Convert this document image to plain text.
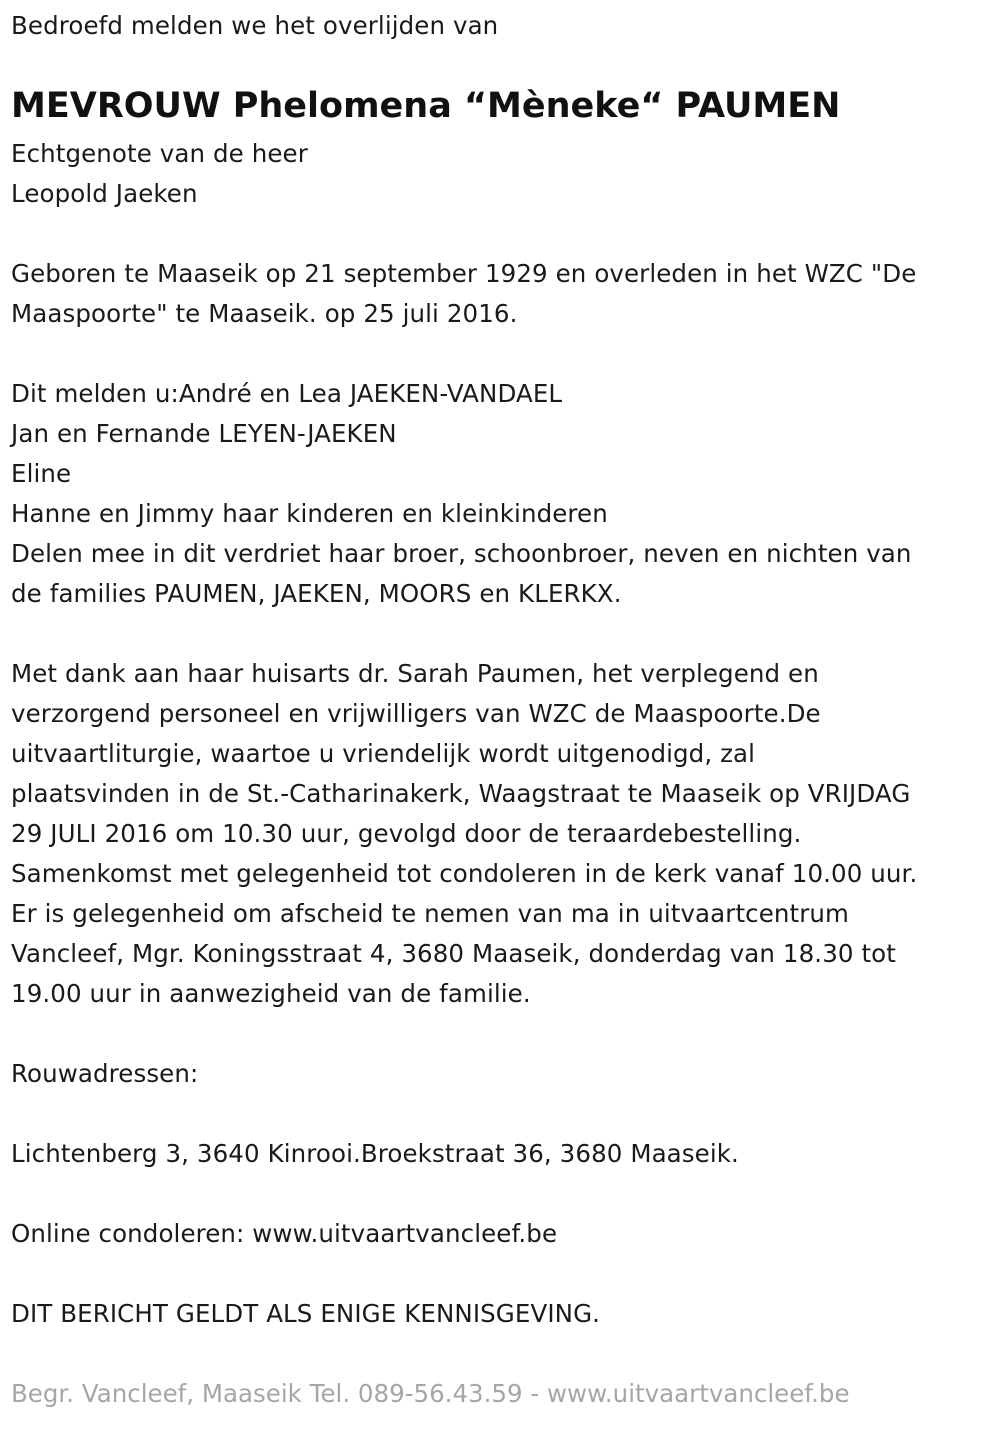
Bedroefd melden we het overlijden van
MEVROUW Phelomena “Mèneke“ PAUMEN
Echtgenote van de heer
Leopold Jaeken
Geboren te Maaseik op 21 september 1929 en overleden in het WZC "De
Maaspoorte" te Maaseik. op 25 juli 2016.
Dit melden u:André en Lea JAEKEN-VANDAEL
Jan en Fernande LEYEN-JAEKEN
Eline
Hanne en Jimmy haar kinderen en kleinkinderen
Delen mee in dit verdriet haar broer, schoonbroer, neven en nichten van
de families PAUMEN, JAEKEN, MOORS en KLERKX.
Met dank aan haar huisarts dr. Sarah Paumen, het verplegend en
verzorgend personeel en vrijwilligers van WZC de Maaspoorte.De
uitvaartliturgie, waartoe u vriendelijk wordt uitgenodigd, zal
plaatsvinden in de St.-Catharinakerk, Waagstraat te Maaseik op VRIJDAG
29 JULI 2016 om 10.30 uur, gevolgd door de teraardebestelling.
Samenkomst met gelegenheid tot condoleren in de kerk vanaf 10.00 uur.
Er is gelegenheid om afscheid te nemen van ma in uitvaartcentrum
Vancleef, Mgr. Koningsstraat 4, 3680 Maaseik, donderdag van 18.30 tot
19.00 uur in aanwezigheid van de familie.
Rouwadressen:
Lichtenberg 3, 3640 Kinrooi.Broekstraat 36, 3680 Maaseik.
Online condoleren: www.uitvaartvancleef.be
DIT BERICHT GELDT ALS ENIGE KENNISGEVING.
Begr. Vancleef, Maaseik Tel. 089-56.43.59 - www.uitvaartvancleef.be
